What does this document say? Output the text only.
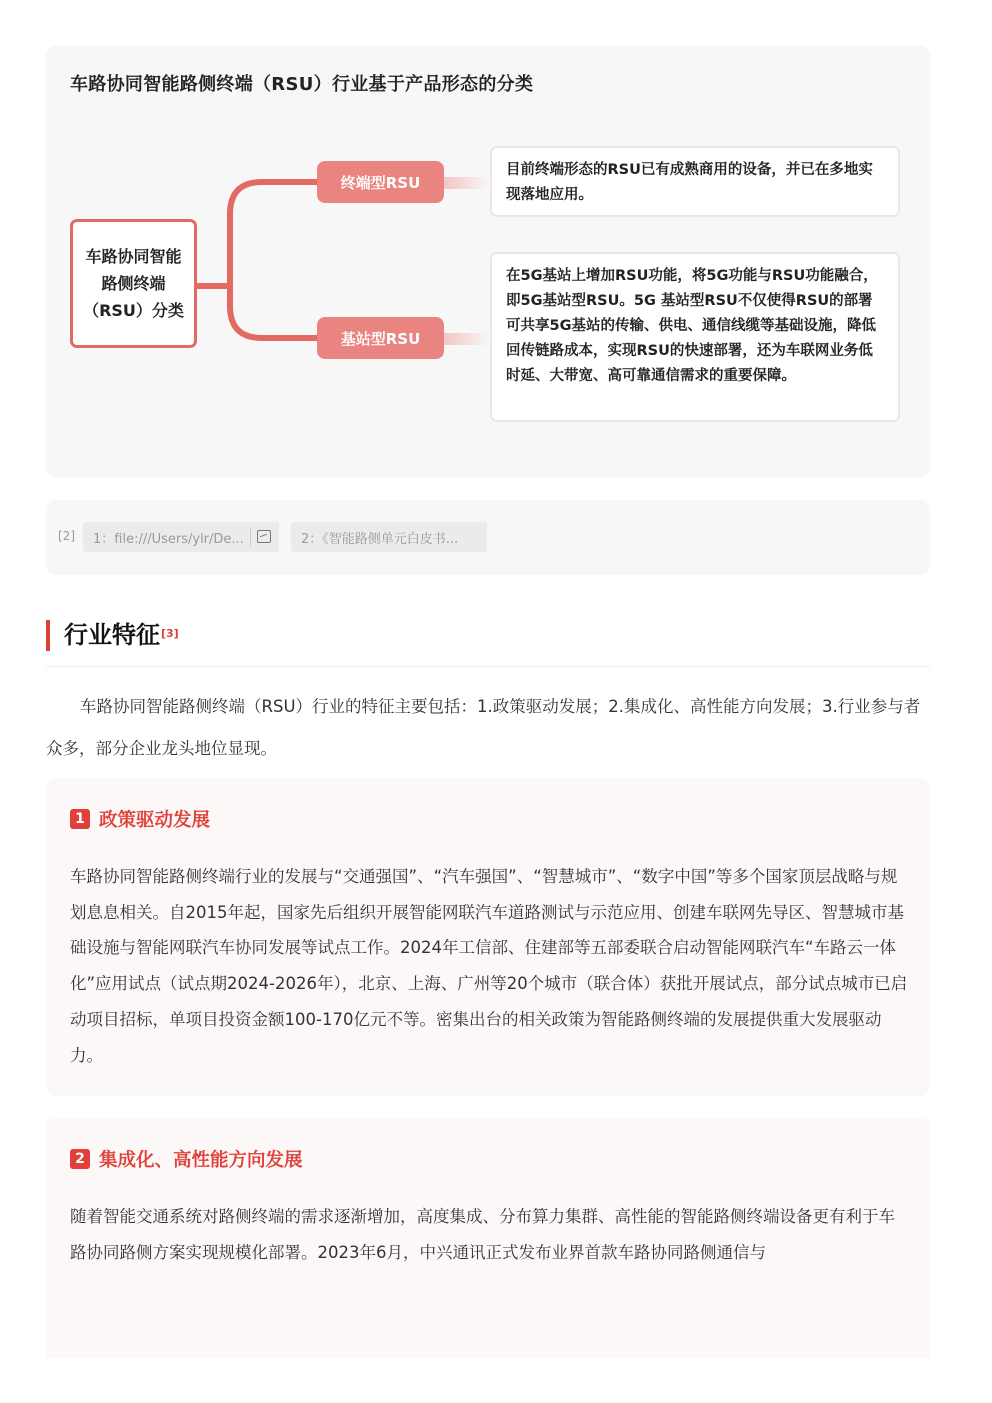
车路协同智能路侧终端（RSU）行业基于产品形态的分类
车路协同智能路侧终端（RSU）分类
终端型RSU
目前终端形态的RSU已有成熟商用的设备，并已在多地实现落地应用。
基站型RSU
在5G基站上增加RSU功能，将5G功能与RSU功能融合，即5G基站型RSU。5G 基站型RSU不仅使得RSU的部署可共享5G基站的传输、供电、通信线缆等基础设施，降低回传链路成本，实现RSU的快速部署，还为车联网业务低时延、大带宽、高可靠通信需求的重要保障。
[2] 1：file:///Users/ylr/De...	2：《智能路侧单元白皮书...
行业特征[3]

车路协同智能路侧终端（RSU）行业的特征主要包括：1.政策驱动发展；2.集成化、高性能方向发展；3.行业参与者众多，部分企业龙头地位显现。

1 政策驱动发展

车路协同智能路侧终端行业的发展与“交通强国”、“汽车强国”、“智慧城市”、“数字中国”等多个国家顶层战略与规划息息相关。自2015年起，国家先后组织开展智能网联汽车道路测试与示范应用、创建车联网先导区、智慧城市基础设施与智能网联汽车协同发展等试点工作。2024年工信部、住建部等五部委联合启动智能网联汽车“车路云一体化”应用试点（试点期2024-2026年），北京、上海、广州等20个城市（联合体）获批开展试点，部分试点城市已启动项目招标，单项目投资金额100-170亿元不等。密集出台的相关政策为智能路侧终端的发展提供重大发展驱动力。

2 集成化、高性能方向发展

随着智能交通系统对路侧终端的需求逐渐增加，高度集成、分布算力集群、高性能的智能路侧终端设备更有利于车路协同路侧方案实现规模化部署。2023年6月，中兴通讯正式发布业界首款车路协同路侧通信与
